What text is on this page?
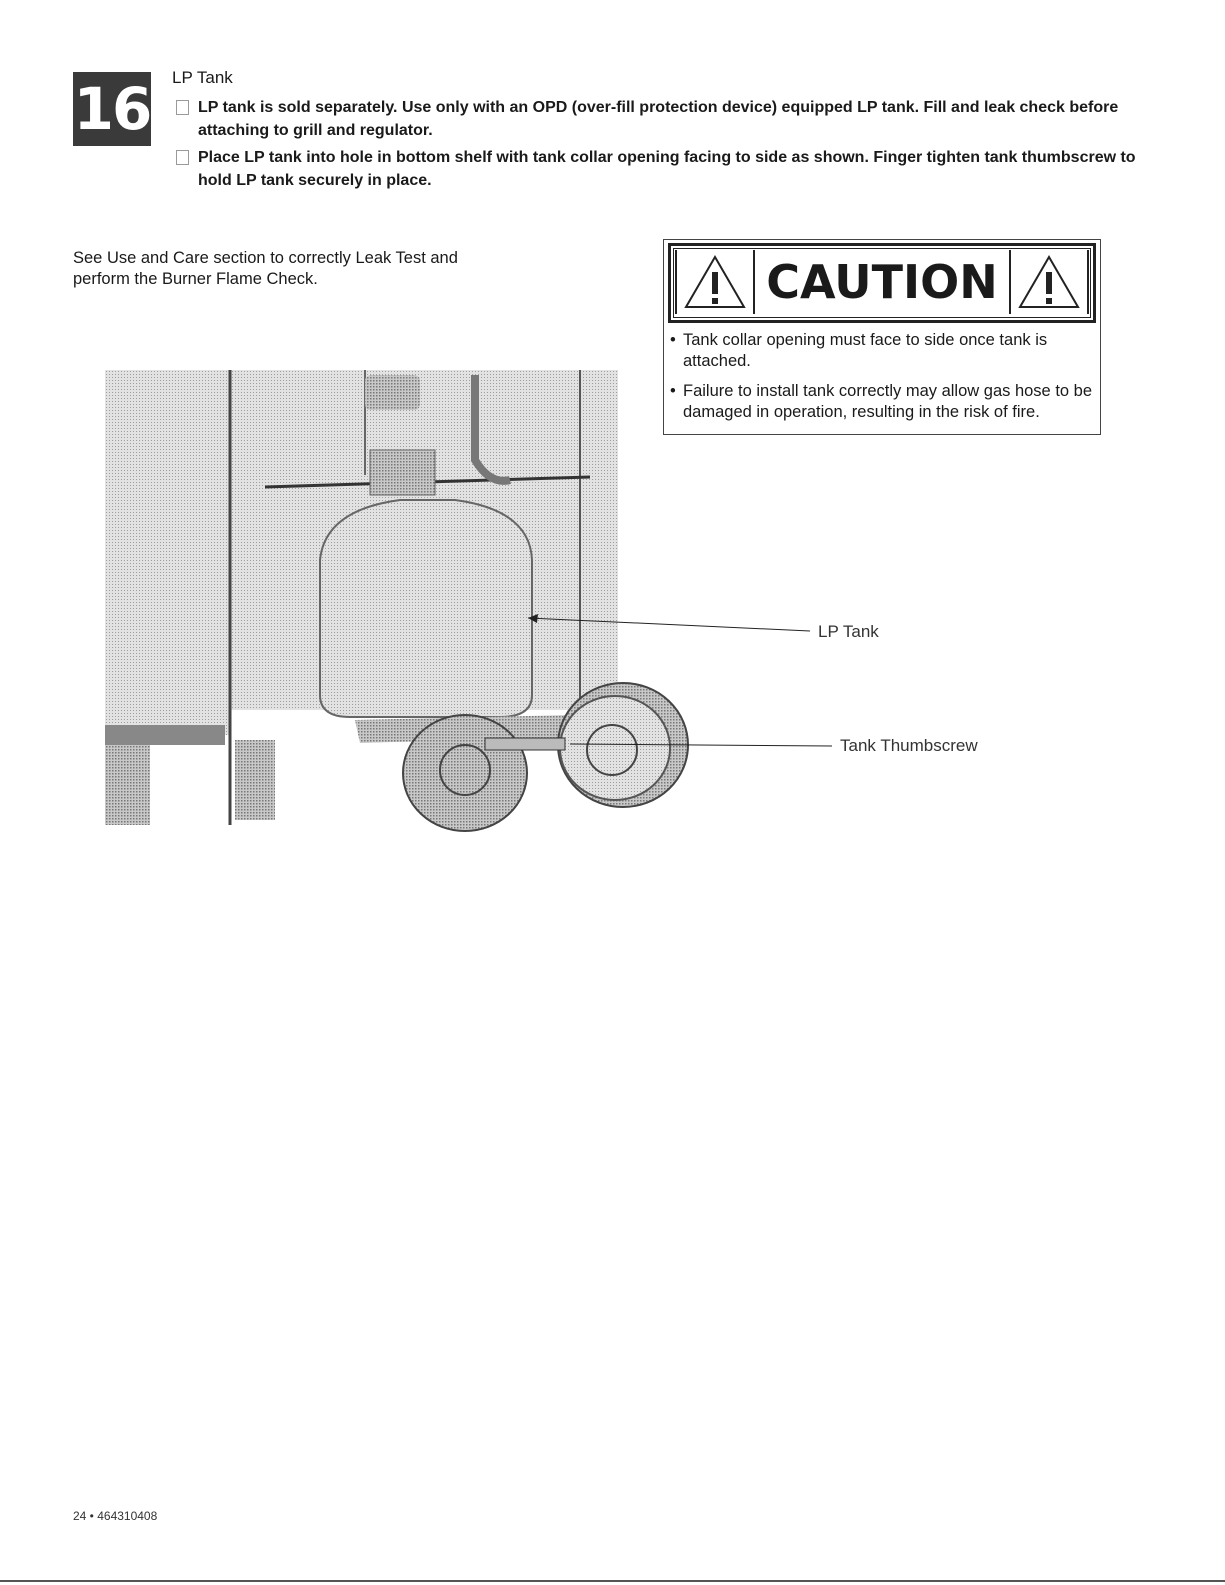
16 LP Tank
LP tank is sold separately. Use only with an OPD (over-fill protection device) equipped LP tank. Fill and leak check before attaching to grill and regulator.
Place LP tank into hole in bottom shelf with tank collar opening facing to side as shown. Finger tighten tank thumbscrew to hold LP tank securely in place.
See Use and Care section to correctly Leak Test and perform the Burner Flame Check.	CAUTION
• Tank collar opening must face to side once tank is attached.
• Failure to install tank correctly may allow gas hose to be damaged in operation, resulting in the risk of fire.
LP Tank
Tank Thumbscrew
24 • 464310408
